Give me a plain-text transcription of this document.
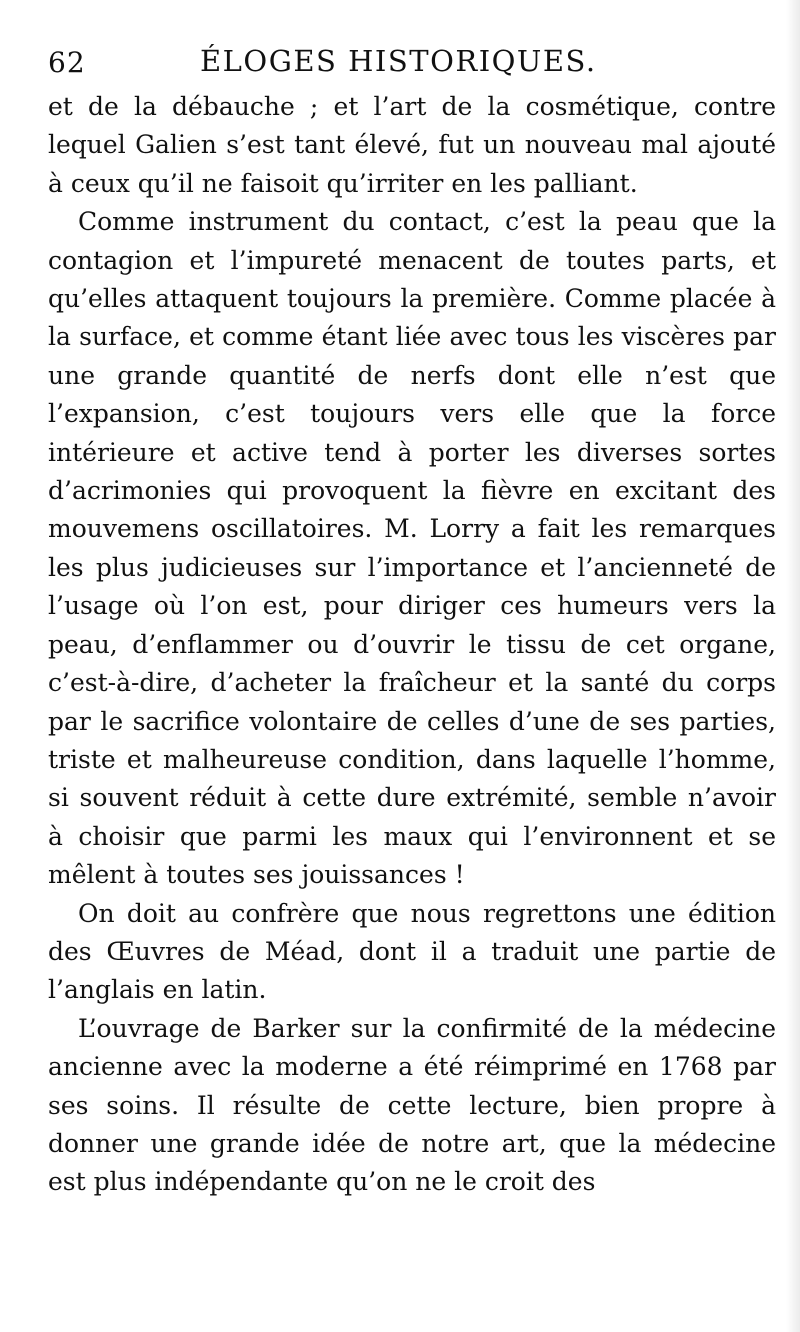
62	ÉLOGES HISTORIQUES.

et de la débauche ; et l’art de la cosmétique, contre lequel Galien s’est tant élevé, fut un nouveau mal ajouté à ceux qu’il ne faisoit qu’irriter en les palliant.

Comme instrument du contact, c’est la peau que la contagion et l’impureté menacent de toutes parts, et qu’elles attaquent toujours la première. Comme placée à la surface, et comme étant liée avec tous les viscères par une grande quantité de nerfs dont elle n’est que l’expansion, c’est toujours vers elle que la force intérieure et active tend à porter les diverses sortes d’acrimonies qui provoquent la fièvre en excitant des mouvemens oscillatoires. M. Lorry a fait les remarques les plus judicieuses sur l’importance et l’ancienneté de l’usage où l’on est, pour diriger ces humeurs vers la peau, d’enflammer ou d’ouvrir le tissu de cet organe, c’est-à-dire, d’acheter la fraîcheur et la santé du corps par le sacrifice volontaire de celles d’une de ses parties, triste et malheureuse condition, dans laquelle l’homme, si souvent réduit à cette dure extrémité, semble n’avoir à choisir que parmi les maux qui l’environnent et se mêlent à toutes ses jouissances !

On doit au confrère que nous regrettons une édition des Œuvres de Méad, dont il a traduit une partie de l’anglais en latin.

L’ouvrage de Barker sur la confirmité de la médecine ancienne avec la moderne a été réimprimé en 1768 par ses soins. Il résulte de cette lecture, bien propre à donner une grande idée de notre art, que la médecine est plus indépendante qu’on ne le croit des
